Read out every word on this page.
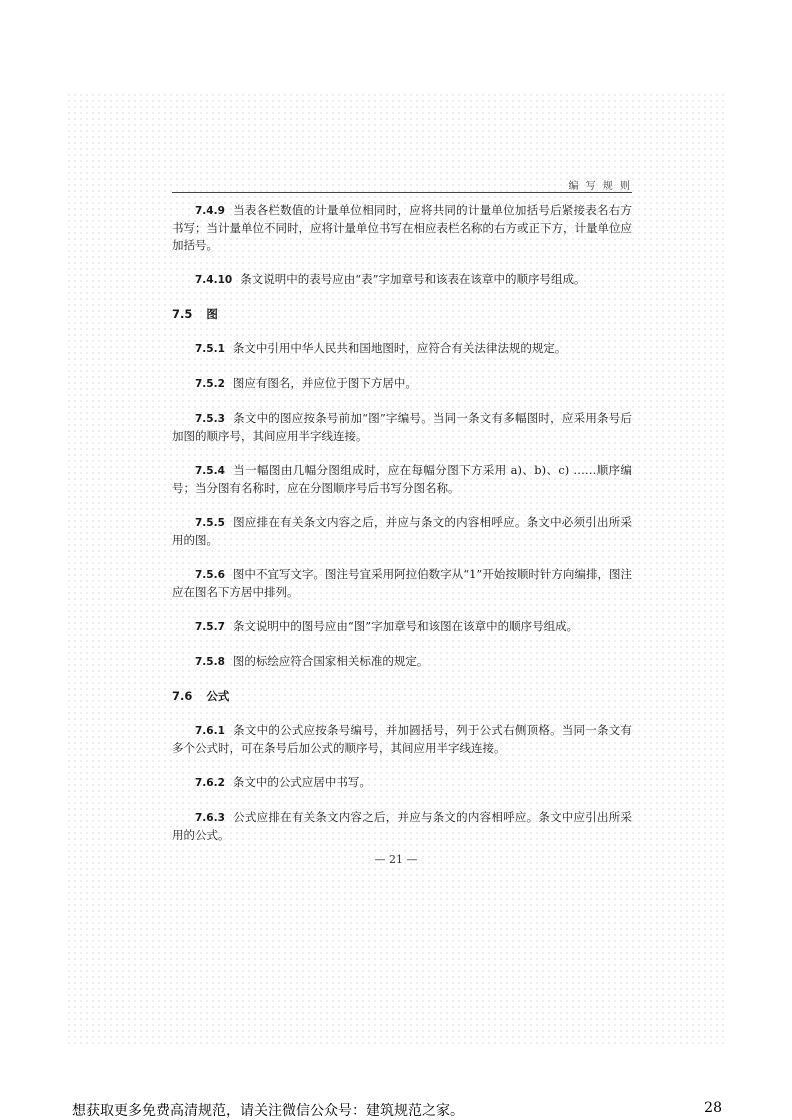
编 写 规 则

7.4.9 当表各栏数值的计量单位相同时，应将共同的计量单位加括号后紧接表名右方书写；当计量单位不同时，应将计量单位书写在相应表栏名称的右方或正下方，计量单位应加括号。

7.4.10 条文说明中的表号应由“表”字加章号和该表在该章中的顺序号组成。

7.5 图

7.5.1 条文中引用中华人民共和国地图时，应符合有关法律法规的规定。

7.5.2 图应有图名，并应位于图下方居中。

7.5.3 条文中的图应按条号前加“图”字编号。当同一条文有多幅图时，应采用条号后加图的顺序号，其间应用半字线连接。

7.5.4 当一幅图由几幅分图组成时，应在每幅分图下方采用 a)、b)、c) ……顺序编号；当分图有名称时，应在分图顺序号后书写分图名称。

7.5.5 图应排在有关条文内容之后，并应与条文的内容相呼应。条文中必须引出所采用的图。

7.5.6 图中不宜写文字。图注号宜采用阿拉伯数字从“1”开始按顺时针方向编排，图注应在图名下方居中排列。

7.5.7 条文说明中的图号应由“图”字加章号和该图在该章中的顺序号组成。

7.5.8 图的标绘应符合国家相关标准的规定。

7.6 公式

7.6.1 条文中的公式应按条号编号，并加圆括号，列于公式右侧顶格。当同一条文有多个公式时，可在条号后加公式的顺序号，其间应用半字线连接。

7.6.2 条文中的公式应居中书写。

7.6.3 公式应排在有关条文内容之后，并应与条文的内容相呼应。条文中应引出所采用的公式。

— 21 —
想获取更多免费高清规范，请关注微信公众号：建筑规范之家。	28
